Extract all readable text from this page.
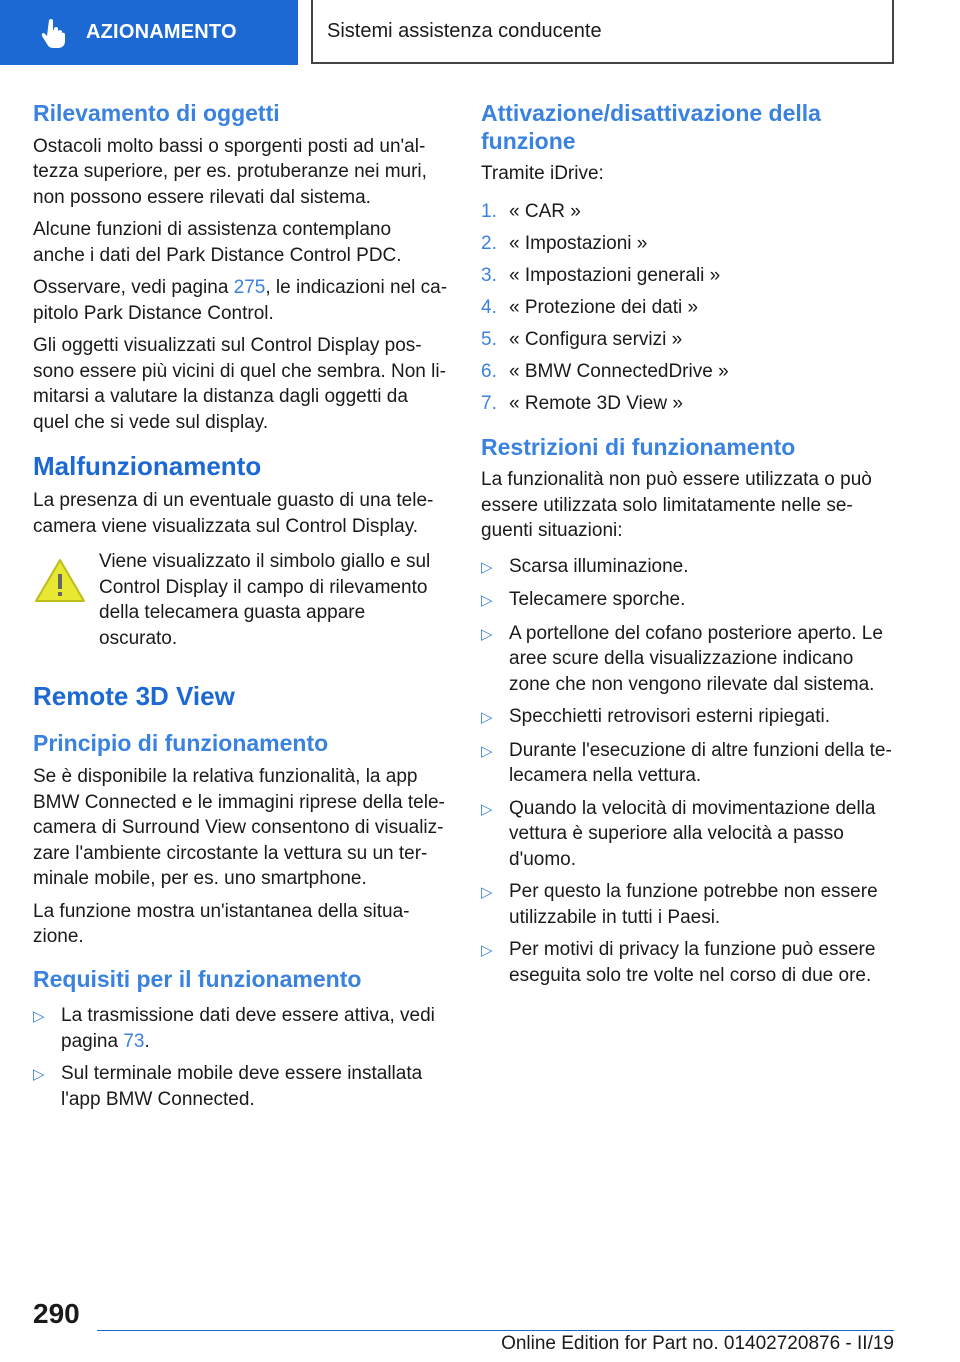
AZIONAMENTO	Sistemi assistenza conducente
Rilevamento di oggetti

Ostacoli molto bassi o sporgenti posti ad un'altezza superiore, per es. protuberanze nei muri, non possono essere rilevati dal sistema.

Alcune funzioni di assistenza contemplano anche i dati del Park Distance Control PDC.

Osservare, vedi pagina 275, le indicazioni nel capitolo Park Distance Control.

Gli oggetti visualizzati sul Control Display possono essere più vicini di quel che sembra. Non limitarsi a valutare la distanza dagli oggetti da quel che si vede sul display.

Malfunzionamento

La presenza di un eventuale guasto di una telecamera viene visualizzata sul Control Display.

Viene visualizzato il simbolo giallo e sul Control Display il campo di rilevamento della telecamera guasta appare oscurato.

Remote 3D View
Principio di funzionamento

Se è disponibile la relativa funzionalità, la app BMW Connected e le immagini riprese della telecamera di Surround View consentono di visualizzare l'ambiente circostante la vettura su un terminale mobile, per es. uno smartphone.

La funzione mostra un'istantanea della situazione.

Requisiti per il funzionamento
▷ La trasmissione dati deve essere attiva, vedi pagina 73.
▷ Sul terminale mobile deve essere installata l'app BMW Connected.
Attivazione/disattivazione della funzione

Tramite iDrive:

1. « CAR »
2. « Impostazioni »
3. « Impostazioni generali »
4. « Protezione dei dati »
5. « Configura servizi »
6. « BMW ConnectedDrive »
7. « Remote 3D View »
Restrizioni di funzionamento

La funzionalità non può essere utilizzata o può essere utilizzata solo limitatamente nelle seguenti situazioni:

▷ Scarsa illuminazione.
▷ Telecamere sporche.
▷ A portellone del cofano posteriore aperto. Le aree scure della visualizzazione indicano zone che non vengono rilevate dal sistema.
▷ Specchietti retrovisori esterni ripiegati.
▷ Durante l'esecuzione di altre funzioni della telecamera nella vettura.
▷ Quando la velocità di movimentazione della vettura è superiore alla velocità a passo d'uomo.
▷ Per questo la funzione potrebbe non essere utilizzabile in tutti i Paesi.
▷ Per motivi di privacy la funzione può essere eseguita solo tre volte nel corso di due ore.
290
Online Edition for Part no. 01402720876 - II/19
